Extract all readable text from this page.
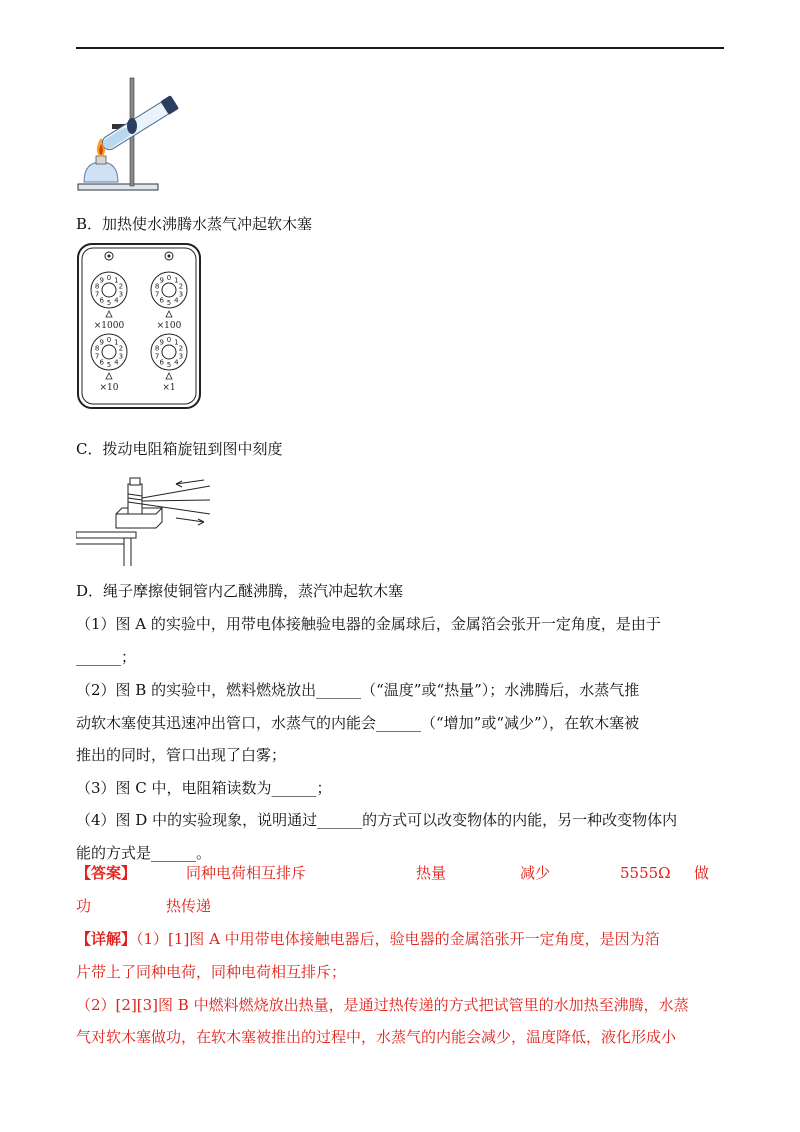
B．加热使水沸腾水蒸气冲起软木塞
0 1
2
3
4
5
6
7
8
9
×1000
0 1
2
3
4
5
6
7
8
9
×100
0 1
2
3
4
5
6
7
8
9
×10
0 1
2
3
4
5
6
7
8
9
×1
C．拨动电阻箱旋钮到图中刻度
D．绳子摩擦使铜管内乙醚沸腾，蒸汽冲起软木塞
（1）图 A 的实验中，用带电体接触验电器的金属球后，金属箔会张开一定角度，是由于
______；
（2）图 B 的实验中，燃料燃烧放出______（“温度”或“热量”）；水沸腾后，水蒸气推
动软木塞使其迅速冲出管口，水蒸气的内能会______（“增加”或“减少”），在软木塞被
推出的同时，管口出现了白雾；
（3）图 C 中，电阻箱读数为______；
（4）图 D 中的实验现象，说明通过______的方式可以改变物体的内能，另一种改变物体内
能的方式是______。
【答案】	同种电荷相互排斥	热量	减少	5555Ω 做
功	热传递
【详解】（1）[1]图 A 中用带电体接触电器后，验电器的金属箔张开一定角度，是因为箔
片带上了同种电荷，同种电荷相互排斥；
（2）[2][3]图 B 中燃料燃烧放出热量，是通过热传递的方式把试管里的水加热至沸腾，水蒸
气对软木塞做功，在软木塞被推出的过程中，水蒸气的内能会减少，温度降低，液化形成小
